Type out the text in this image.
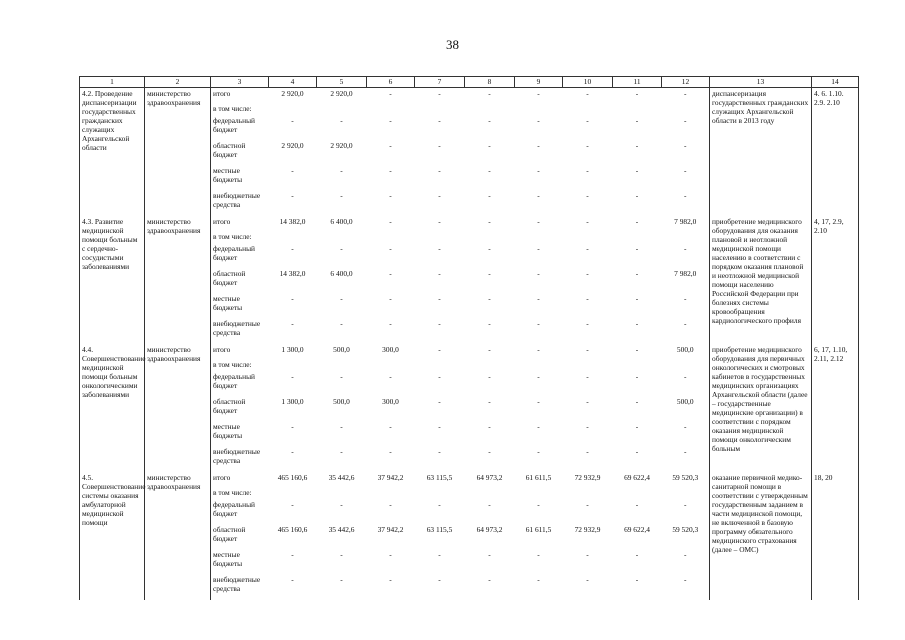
38
1	2	3	4	5	6	7	8	9	10	11	12	13	14
4.2. Проведение диспансеризации государственных гражданских служащих Архангельской области	министерство здравоохранения	итого	2 920,0	2 920,0	-	-	-	-	-	-	-	диспансеризация государственных гражданских служащих Архангельской области в 2013 году	4. 6. 1.10. 2.9. 2.10
		в том числе:											
		федеральный бюджет	-	-	-	-	-	-	-	-	-		
		областной бюджет	2 920,0	2 920,0	-	-	-	-	-	-	-		
		местные бюджеты	-	-	-	-	-	-	-	-	-		
		внебюджетные средства	-	-	-	-	-	-	-	-	-		
4.3. Развитие медицинской помощи больным с сердечно-сосудистыми заболеваниями	министерство здравоохранения	итого	14 382,0	6 400,0	-	-	-	-	-	-	7 982,0	приобретение медицинского оборудования для оказания плановой и неотложной медицинской помощи населению в соответствии с порядком оказания плановой и неотложной медицинской помощи населению Российской Федерации при болезнях системы кровообращения кардиологического профиля	4, 17, 2.9, 2.10
		в том числе:											
		федеральный бюджет	-	-	-	-	-	-	-	-	-		
		областной бюджет	14 382,0	6 400,0	-	-	-	-	-	-	7 982,0		
		местные бюджеты	-	-	-	-	-	-	-	-	-		
		внебюджетные средства	-	-	-	-	-	-	-	-	-		
4.4. Совершенствование медицинской помощи больным онкологическими заболеваниями	министерство здравоохранения	итого	1 300,0	500,0	300,0	-	-	-	-	-	500,0	приобретение медицинского оборудования для первичных онкологических и смотровых кабинетов в государственных медицинских организациях Архангельской области (далее – государственные медицинские организации) в соответствии с порядком оказания медицинской помощи онкологическим больным	6, 17, 1.10, 2.11, 2.12
		в том числе:											
		федеральный бюджет	-	-	-	-	-	-	-	-	-		
		областной бюджет	1 300,0	500,0	300,0	-	-	-	-	-	500,0		
		местные бюджеты	-	-	-	-	-	-	-	-	-		
		внебюджетные средства	-	-	-	-	-	-	-	-	-		
4.5. Совершенствование системы оказания амбулаторной медицинской помощи	министерство здравоохранения	итого	465 160,6	35 442,6	37 942,2	63 115,5	64 973,2	61 611,5	72 932,9	69 622,4	59 520,3	оказание первичной медико-санитарной помощи в соответствии с утвержденным государственным заданием в части медицинской помощи, не включенной в базовую программу обязательного медицинского страхования (далее – ОМС)	18, 20
		в том числе:											
		федеральный бюджет	-	-	-	-	-	-	-	-	-		
		областной бюджет	465 160,6	35 442,6	37 942,2	63 115,5	64 973,2	61 611,5	72 932,9	69 622,4	59 520,3		
		местные бюджеты	-	-	-	-	-	-	-	-	-		
		внебюджетные средства	-	-	-	-	-	-	-	-	-		
